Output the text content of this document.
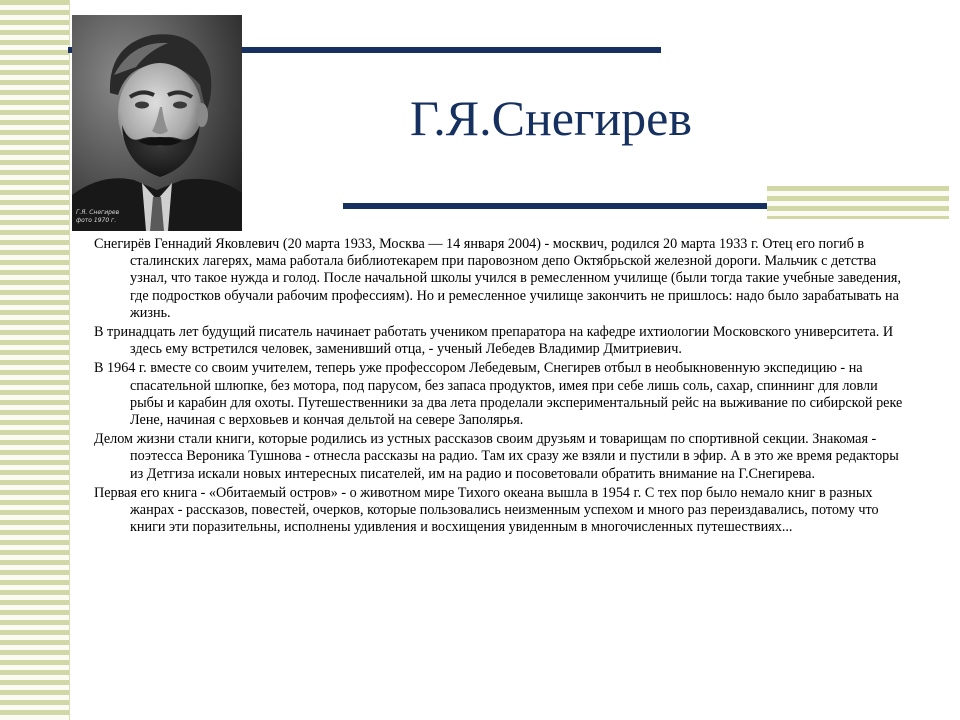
Г.Я. Снегирев
фото 1970 г.
Г.Я.Снегирев

Снегирёв Геннадий Яковлевич (20 марта 1933, Москва — 14 января 2004) - москвич, родился 20 марта 1933 г. Отец его погиб в сталинских лагерях, мама работала библиотекарем при паровозном депо Октябрьской железной дороги. Мальчик с детства узнал, что такое нужда и голод. После начальной школы учился в ремесленном училище (были тогда такие учебные заведения, где подростков обучали рабочим профессиям). Но и ремесленное училище закончить не пришлось: надо было зарабатывать на жизнь.

В тринадцать лет будущий писатель начинает работать учеником препаратора на кафедре ихтиологии Московского университета. И здесь ему встретился человек, заменивший отца, - ученый Лебедев Владимир Дмитриевич.

В 1964 г. вместе со своим учителем, теперь уже профессором Лебедевым, Снегирев отбыл в необыкновенную экспедицию - на спасательной шлюпке, без мотора, под парусом, без запаса продуктов, имея при себе лишь соль, сахар, спиннинг для ловли рыбы и карабин для охоты. Путешественники за два лета проделали экспериментальный рейс на выживание по сибирской реке Лене, начиная с верховьев и кончая дельтой на севере Заполярья.

Делом жизни стали книги, которые родились из устных рассказов своим друзьям и товарищам по спортивной секции. Знакомая - поэтесса Вероника Тушнова - отнесла рассказы на радио. Там их сразу же взяли и пустили в эфир. А в это же время редакторы из Детгиза искали новых интересных писателей, им на радио и посоветовали обратить внимание на Г.Снегирева.

Первая его книга - «Обитаемый остров» - о животном мире Тихого океана вышла в 1954 г. С тех пор было немало книг в разных жанрах - рассказов, повестей, очерков, которые пользовались неизменным успехом и много раз переиздавались, потому что книги эти поразительны, исполнены удивления и восхищения увиденным в многочисленных путешествиях...
